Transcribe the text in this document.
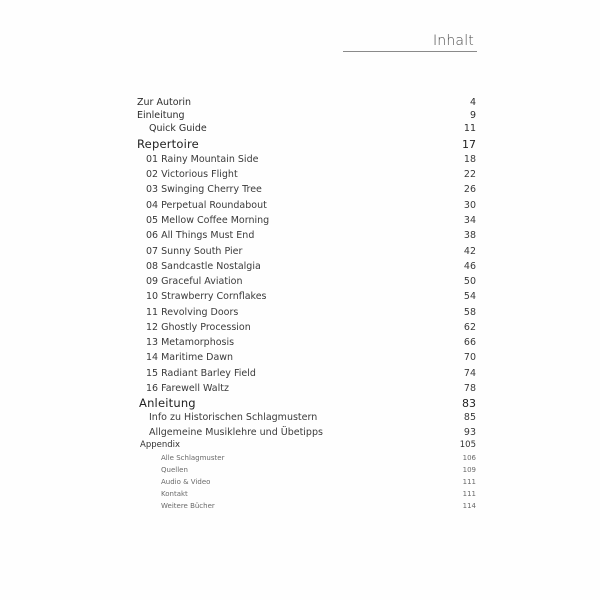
Inhalt
Zur Autorin	4
Einleitung	9
Quick Guide	11
Repertoire	17
01 Rainy Mountain Side	18
02 Victorious Flight	22
03 Swinging Cherry Tree	26
04 Perpetual Roundabout	30
05 Mellow Coffee Morning	34
06 All Things Must End	38
07 Sunny South Pier	42
08 Sandcastle Nostalgia	46
09 Graceful Aviation	50
10 Strawberry Cornflakes	54
11 Revolving Doors	58
12 Ghostly Procession	62
13 Metamorphosis	66
14 Maritime Dawn	70
15 Radiant Barley Field	74
16 Farewell Waltz	78
Anleitung	83
Info zu Historischen Schlagmustern	85
Allgemeine Musiklehre und Übetipps	93
Appendix	105
Alle Schlagmuster	106
Quellen	109
Audio & Video	111
Kontakt	111
Weitere Bücher	114
